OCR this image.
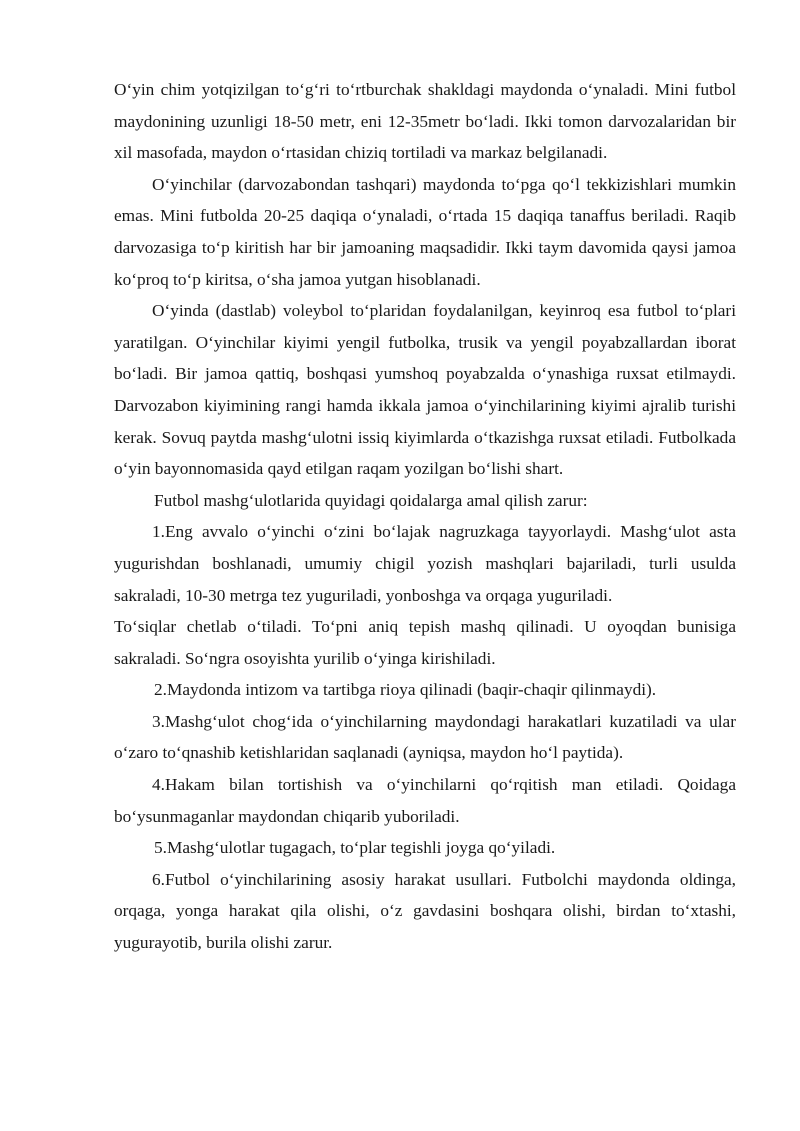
O‘yin chim yotqizilgan to‘g‘ri to‘rtburchak shakldagi maydonda o‘ynaladi. Mini futbol maydonining uzunligi 18-50 metr, eni 12-35metr bo‘ladi. Ikki tomon darvozalaridan bir xil masofada, maydon o‘rtasidan chiziq tortiladi va markaz belgilanadi.

O‘yinchilar (darvozabondan tashqari) maydonda to‘pga qo‘l tekkizishlari mumkin emas. Mini futbolda 20-25 daqiqa o‘ynaladi, o‘rtada 15 daqiqa tanaffus beriladi. Raqib darvozasiga to‘p kiritish har bir jamoaning maqsadidir. Ikki taym davomida qaysi jamoa ko‘proq to‘p kiritsa, o‘sha jamoa yutgan hisoblanadi.

O‘yinda (dastlab) voleybol to‘plaridan foydalanilgan, keyinroq esa futbol to‘plari yaratilgan. O‘yinchilar kiyimi yengil futbolka, trusik va yengil poyabzallardan iborat bo‘ladi. Bir jamoa qattiq, boshqasi yumshoq poyabzalda o‘ynashiga ruxsat etilmaydi. Darvozabon kiyimining rangi hamda ikkala jamoa o‘yinchilarining kiyimi ajralib turishi kerak. Sovuq paytda mashg‘ulotni issiq kiyimlarda o‘tkazishga ruxsat etiladi. Futbolkada o‘yin bayonnomasida qayd etilgan raqam yozilgan bo‘lishi shart.

Futbol mashg‘ulotlarida quyidagi qoidalarga amal qilish zarur:

1.Eng avvalo o‘yinchi o‘zini bo‘lajak nagruzkaga tayyorlaydi. Mashg‘ulot asta yugurishdan boshlanadi, umumiy chigil yozish mashqlari bajariladi, turli usulda sakraladi, 10-30 metrga tez yuguriladi, yonboshga va orqaga yuguriladi.

To‘siqlar chetlab o‘tiladi. To‘pni aniq tepish mashq qilinadi. U oyoqdan bunisiga sakraladi. So‘ngra osoyishta yurilib o‘yinga kirishiladi.

2.Maydonda intizom va tartibga rioya qilinadi (baqir-chaqir qilinmaydi).

3.Mashg‘ulot chog‘ida o‘yinchilarning maydondagi harakatlari kuzatiladi va ular o‘zaro to‘qnashib ketishlaridan saqlanadi (ayniqsa, maydon ho‘l paytida).

4.Hakam bilan tortishish va o‘yinchilarni qo‘rqitish man etiladi. Qoidaga bo‘ysunmaganlar maydondan chiqarib yuboriladi.

5.Mashg‘ulotlar tugagach, to‘plar tegishli joyga qo‘yiladi.

6.Futbol o‘yinchilarining asosiy harakat usullari. Futbolchi maydonda oldinga, orqaga, yonga harakat qila olishi, o‘z gavdasini boshqara olishi, birdan to‘xtashi, yugurayotib, burila olishi zarur.
